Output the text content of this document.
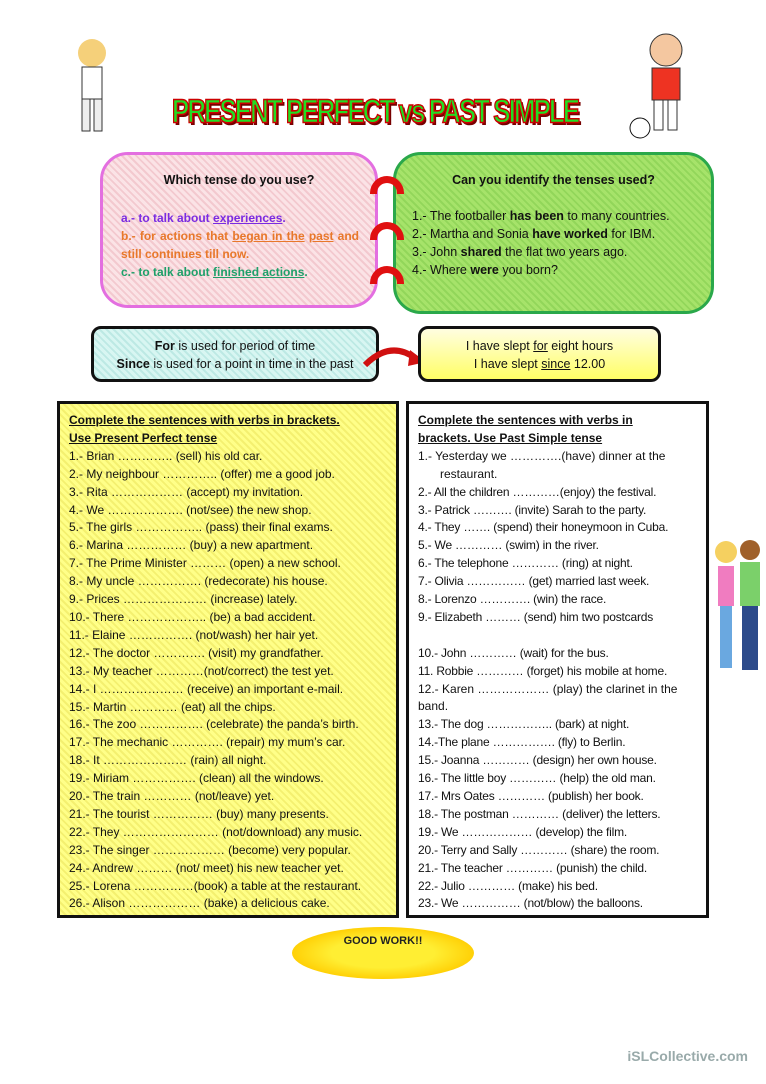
PRESENT PERFECT vs PAST SIMPLE
Which tense do you use?
a.- to talk about experiences.
b.- for actions that began in the past and still continues till now.
c.- to talk about finished actions.
Can you identify the tenses used?
1.- The footballer has been to many countries.
2.- Martha and Sonia have worked for IBM.
3.- John shared the flat two years ago.
4.- Where were you born?
For is used for period of time
Since is used for a point in time in the past
I have slept for eight hours
I have slept since 12.00
Complete the sentences with verbs in brackets.
Use Present Perfect tense
1.- Brian ………….. (sell) his old car.
2.- My neighbour ………….. (offer) me a good job.
3.- Rita ……………… (accept) my invitation.
4.- We ………………. (not/see) the new shop.
5.- The girls …………….. (pass) their final exams.
6.- Marina …………… (buy) a new apartment.
7.- The Prime Minister ……… (open) a new school.
8.- My uncle ……………. (redecorate) his house.
9.- Prices ………………… (increase) lately.
10.- There ……………….. (be) a bad accident.
11.- Elaine ……………. (not/wash) her hair yet.
12.- The doctor …………. (visit) my grandfather.
13.- My teacher …………(not/correct) the test yet.
14.- I ………………… (receive) an important e-mail.
15.- Martin ………… (eat) all the chips.
16.- The zoo ……………. (celebrate) the panda’s birth.
17.- The mechanic …………. (repair) my mum’s car.
18.- It ………………… (rain) all night.
19.- Miriam ……………. (clean) all the windows.
20.- The train ………… (not/leave) yet.
21.- The tourist …………… (buy) many presents.
22.- They …………………… (not/download) any music.
23.- The singer ……………… (become) very popular.
24.- Andrew ……… (not/ meet) his new teacher yet.
25.- Lorena ……………(book) a table at the restaurant.
26.- Alison ……………… (bake) a delicious cake.
Complete the sentences with verbs in
brackets. Use Past Simple tense
1.- Yesterday we ………….(have) dinner at the restaurant.
2.- All the children …………(enjoy) the festival.
3.- Patrick ………. (invite) Sarah to the party.
4.- They ……. (spend) their honeymoon in Cuba.
5.- We ………… (swim) in the river.
6.- The telephone ………… (ring) at night.
7.- Olivia …………… (get) married last week.
8.- Lorenzo …………. (win) the race.
9.- Elizabeth ……… (send) him two postcards
10.- John ………… (wait) for the bus.
11. Robbie ………… (forget) his mobile at home.
12.- Karen ……………… (play) the clarinet in the band.
13.- The dog …………….. (bark) at night.
14.-The plane ……………. (fly) to Berlin.
15.- Joanna ………… (design) her own house.
16.- The little boy ………… (help) the old man.
17.- Mrs Oates ………… (publish) her book.
18.- The postman ………… (deliver) the letters.
19.- We ……………… (develop) the film.
20.- Terry and Sally ………… (share) the room.
21.- The teacher ………… (punish) the child.
22.- Julio ………… (make) his bed.
23.- We …………… (not/blow) the balloons.
GOOD WORK!!
iSLCollective.com
